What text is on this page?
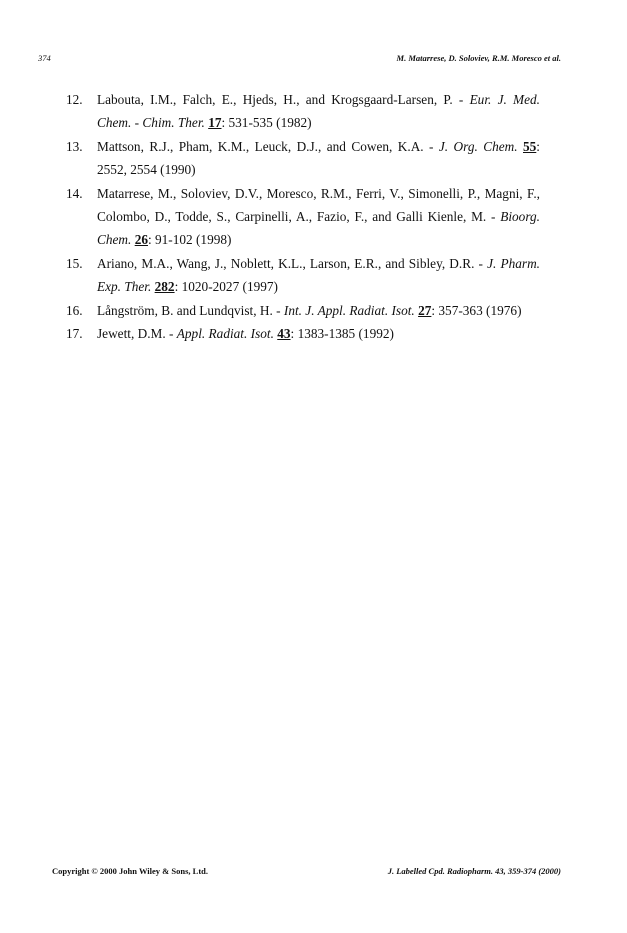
374	M. Matarrese, D. Soloviev, R.M. Moresco et al.
12. Labouta, I.M., Falch, E., Hjeds, H., and Krogsgaard-Larsen, P. - Eur. J. Med. Chem. - Chim. Ther. 17: 531-535 (1982)
13. Mattson, R.J., Pham, K.M., Leuck, D.J., and Cowen, K.A. - J. Org. Chem. 55: 2552, 2554 (1990)
14. Matarrese, M., Soloviev, D.V., Moresco, R.M., Ferri, V., Simonelli, P., Magni, F., Colombo, D., Todde, S., Carpinelli, A., Fazio, F., and Galli Kienle, M. - Bioorg. Chem. 26: 91-102 (1998)
15. Ariano, M.A., Wang, J., Noblett, K.L., Larson, E.R., and Sibley, D.R. - J. Pharm. Exp. Ther. 282: 1020-2027 (1997)
16. Långström, B. and Lundqvist, H. - Int. J. Appl. Radiat. Isot. 27: 357-363 (1976)
17. Jewett, D.M. - Appl. Radiat. Isot. 43: 1383-1385 (1992)
Copyright © 2000 John Wiley & Sons, Ltd.	J. Labelled Cpd. Radiopharm. 43, 359-374 (2000)
